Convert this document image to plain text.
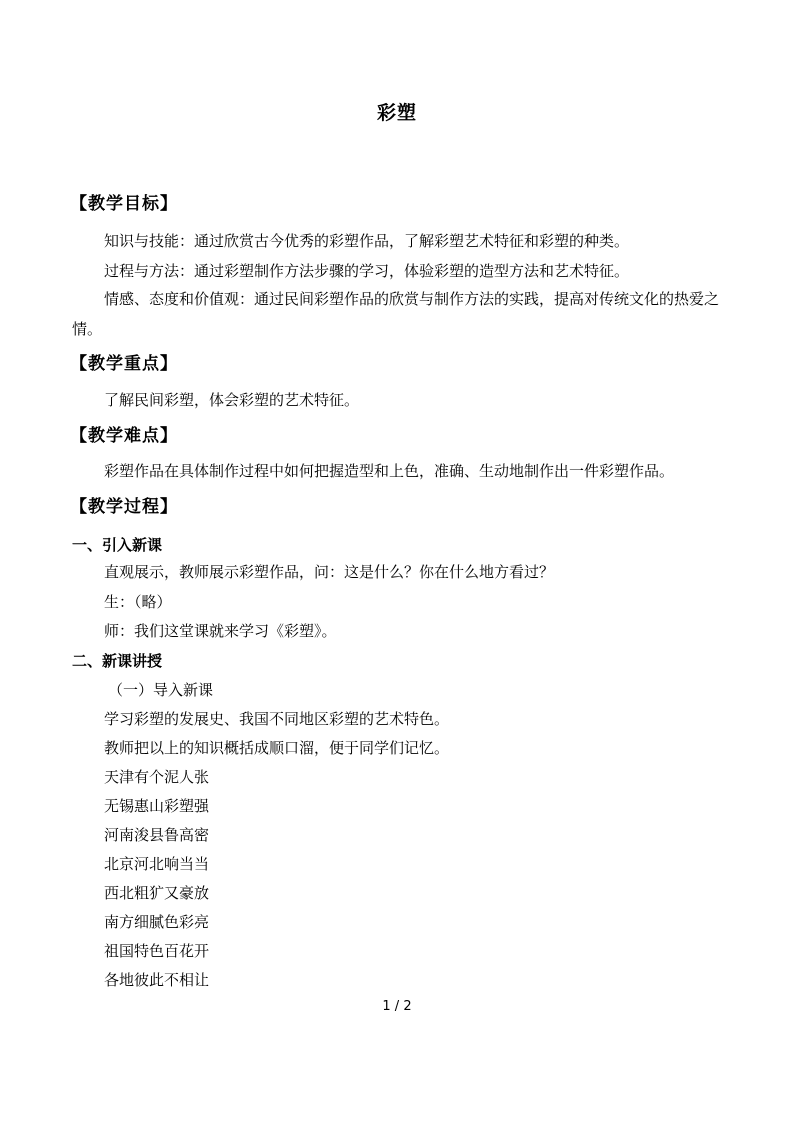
彩塑
【教学目标】
知识与技能：通过欣赏古今优秀的彩塑作品，了解彩塑艺术特征和彩塑的种类。
过程与方法：通过彩塑制作方法步骤的学习，体验彩塑的造型方法和艺术特征。
情感、态度和价值观：通过民间彩塑作品的欣赏与制作方法的实践，提高对传统文化的热爱之情。
【教学重点】
了解民间彩塑，体会彩塑的艺术特征。
【教学难点】
彩塑作品在具体制作过程中如何把握造型和上色，准确、生动地制作出一件彩塑作品。
【教学过程】
一、引入新课
直观展示，教师展示彩塑作品，问：这是什么？你在什么地方看过？
生：（略）
师：我们这堂课就来学习《彩塑》。
二、新课讲授
（一）导入新课
学习彩塑的发展史、我国不同地区彩塑的艺术特色。
教师把以上的知识概括成顺口溜，便于同学们记忆。
天津有个泥人张
无锡惠山彩塑强
河南浚县鲁高密
北京河北响当当
西北粗犷又豪放
南方细腻色彩亮
祖国特色百花开
各地彼此不相让
1 / 2
